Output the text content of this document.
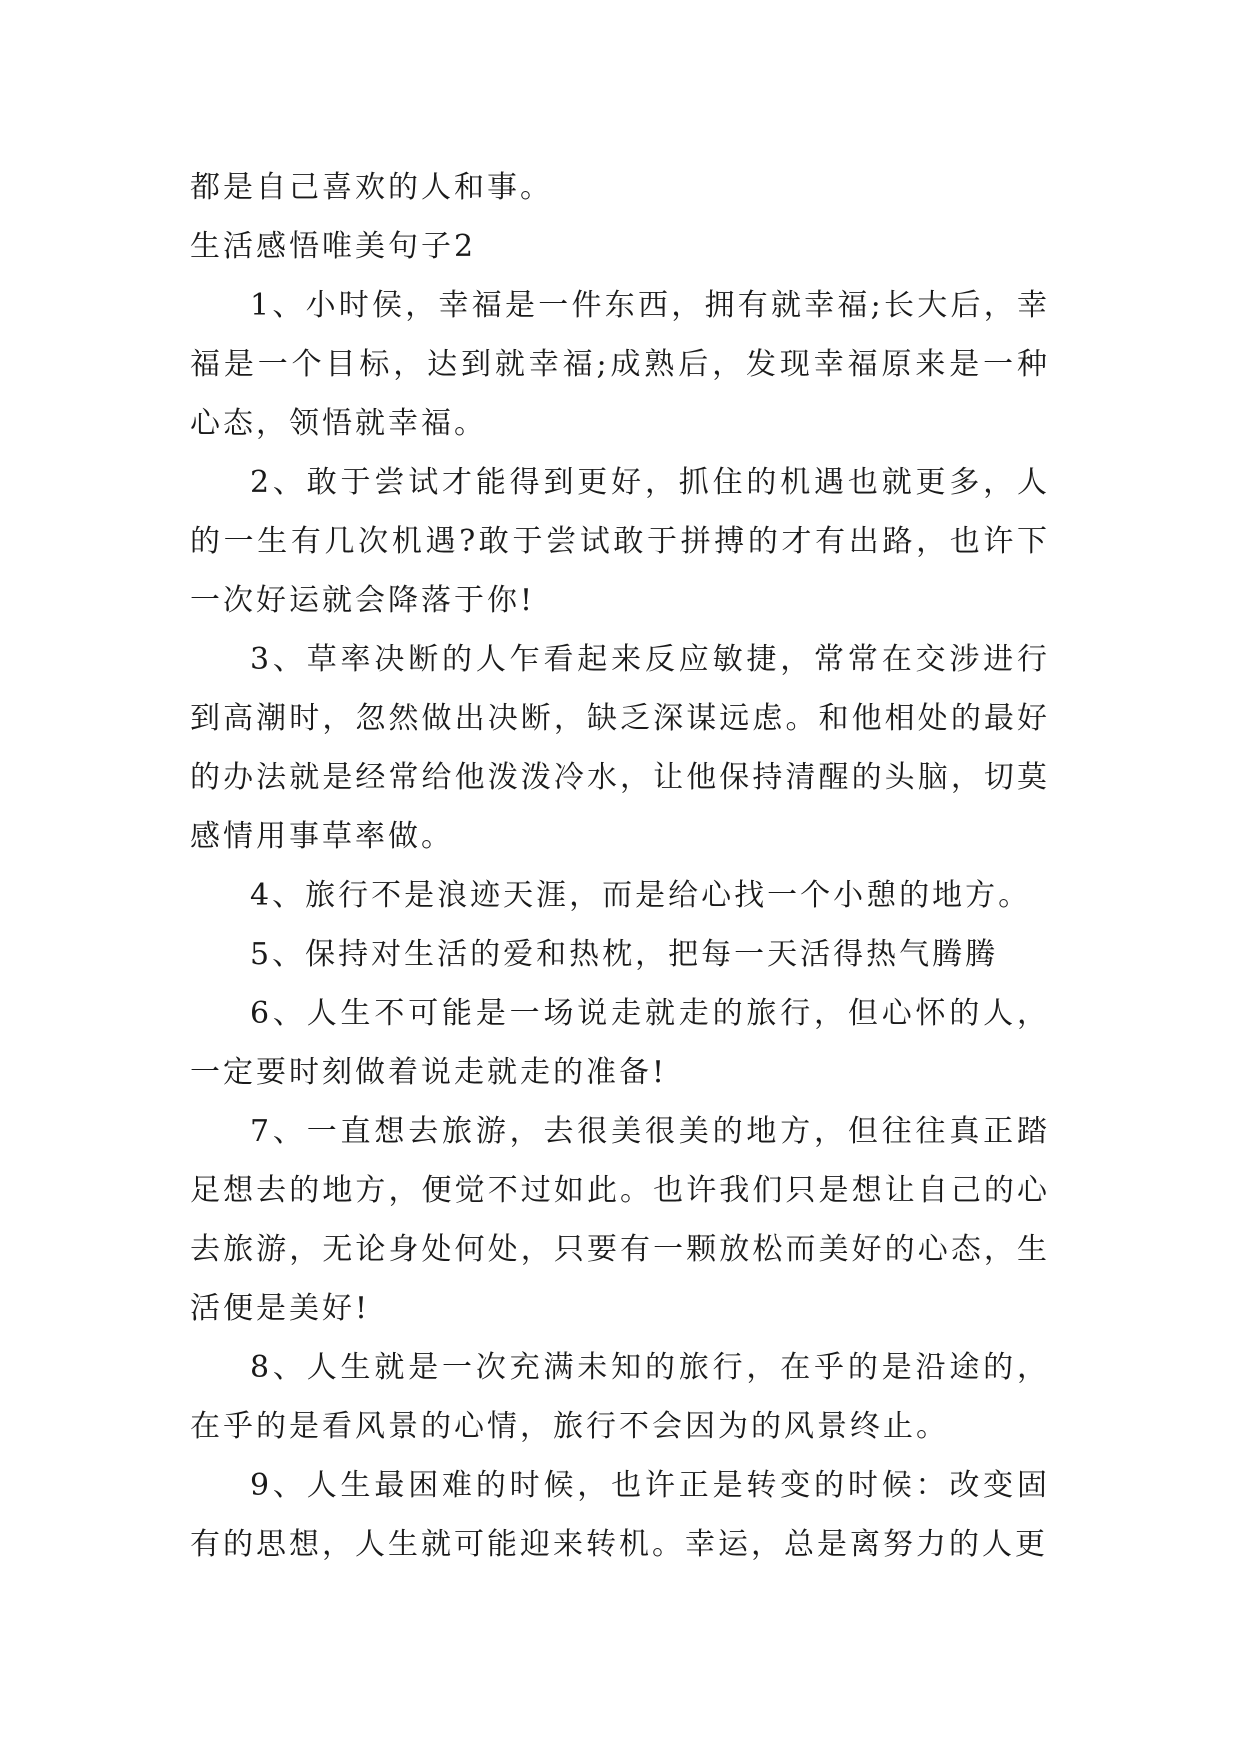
都是自己喜欢的人和事。

生活感悟唯美句子2

1、小时侯，幸福是一件东西，拥有就幸福;长大后，幸福是一个目标，达到就幸福;成熟后，发现幸福原来是一种心态，领悟就幸福。

2、敢于尝试才能得到更好，抓住的机遇也就更多，人的一生有几次机遇?敢于尝试敢于拼搏的才有出路，也许下一次好运就会降落于你!

3、草率决断的人乍看起来反应敏捷，常常在交涉进行到高潮时，忽然做出决断，缺乏深谋远虑。和他相处的最好的办法就是经常给他泼泼冷水，让他保持清醒的头脑，切莫感情用事草率做。

4、旅行不是浪迹天涯，而是给心找一个小憩的地方。

5、保持对生活的爱和热枕，把每一天活得热气腾腾

6、人生不可能是一场说走就走的旅行，但心怀的人，一定要时刻做着说走就走的准备!

7、一直想去旅游，去很美很美的地方，但往往真正踏足想去的地方，便觉不过如此。也许我们只是想让自己的心去旅游，无论身处何处，只要有一颗放松而美好的心态，生活便是美好!

8、人生就是一次充满未知的旅行，在乎的是沿途的，在乎的是看风景的心情，旅行不会因为的风景终止。

9、人生最困难的时候，也许正是转变的时候：改变固有的思想，人生就可能迎来转机。幸运，总是离努力的人更
